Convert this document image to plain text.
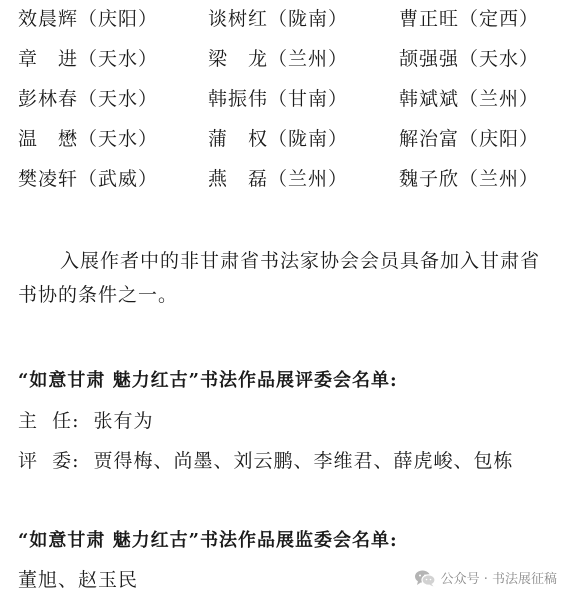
效晨辉（庆阳）	谈树红（陇南）	曹正旺（定西）
章　进（天水）	梁　龙（兰州）	颉强强（天水）
彭林春（天水）	韩振伟（甘南）	韩斌斌（兰州）
温　懋（天水）	蒲　权（陇南）	解治富（庆阳）
樊凌轩（武威）	燕　磊（兰州）	魏子欣（兰州）

入展作者中的非甘肃省书法家协会会员具备加入甘肃省书协的条件之一。

“如意甘肃 魅力红古”书法作品展评委会名单:
主  任:  张有为
评  委:  贾得梅、尚墨、刘云鹏、李维君、薛虎峻、包栋
“如意甘肃 魅力红古”书法作品展监委会名单:
董旭、赵玉民	公众号 · 书法展征稿
